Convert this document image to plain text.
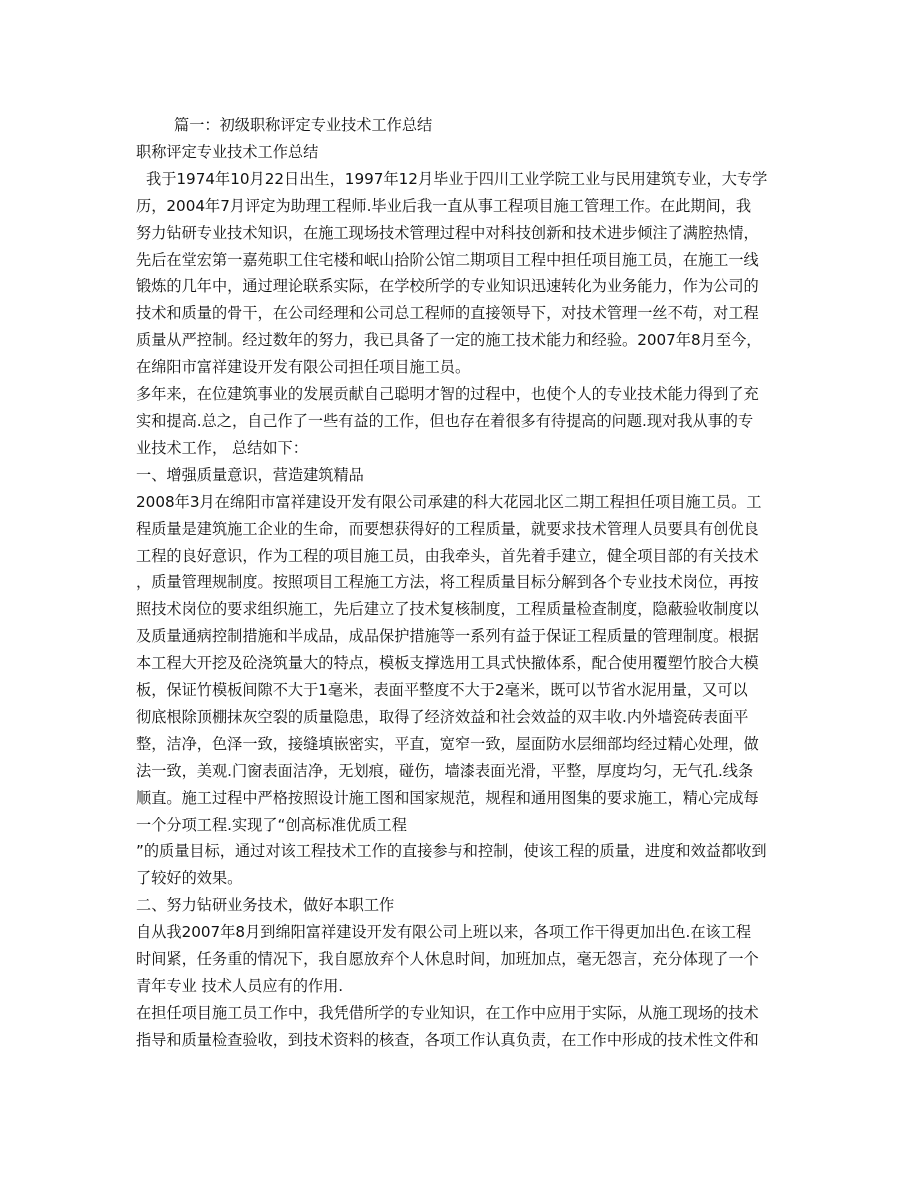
篇一：初级职称评定专业技术工作总结
职称评定专业技术工作总结
我于1974年10月22日出生，1997年12月毕业于四川工业学院工业与民用建筑专业，大专学
历，2004年7月评定为助理工程师.毕业后我一直从事工程项目施工管理工作。在此期间，我
努力钻研专业技术知识，在施工现场技术管理过程中对科技创新和技术进步倾注了满腔热情，
先后在堂宏第一嘉苑职工住宅楼和岷山拾阶公馆二期项目工程中担任项目施工员，在施工一线
锻炼的几年中，通过理论联系实际，在学校所学的专业知识迅速转化为业务能力，作为公司的
技术和质量的骨干，在公司经理和公司总工程师的直接领导下，对技术管理一丝不苟，对工程
质量从严控制。经过数年的努力，我已具备了一定的施工技术能力和经验。2007年8月至今，
在绵阳市富祥建设开发有限公司担任项目施工员。
多年来，在位建筑事业的发展贡献自己聪明才智的过程中，也使个人的专业技术能力得到了充
实和提高.总之，自己作了一些有益的工作，但也存在着很多有待提高的问题.现对我从事的专
业技术工作， 总结如下：
一、增强质量意识，营造建筑精品
2008年3月在绵阳市富祥建设开发有限公司承建的科大花园北区二期工程担任项目施工员。工
程质量是建筑施工企业的生命，而要想获得好的工程质量，就要求技术管理人员要具有创优良
工程的良好意识，作为工程的项目施工员，由我牵头，首先着手建立，健全项目部的有关技术
，质量管理规制度。按照项目工程施工方法，将工程质量目标分解到各个专业技术岗位，再按
照技术岗位的要求组织施工，先后建立了技术复核制度，工程质量检查制度，隐蔽验收制度以
及质量通病控制措施和半成品，成品保护措施等一系列有益于保证工程质量的管理制度。根据
本工程大开挖及砼浇筑量大的特点，模板支撑选用工具式快撤体系，配合使用覆塑竹胶合大模
板，保证竹模板间隙不大于1毫米，表面平整度不大于2毫米，既可以节省水泥用量，又可以
彻底根除顶棚抹灰空裂的质量隐患，取得了经济效益和社会效益的双丰收.内外墙瓷砖表面平
整，洁净，色泽一致，接缝填嵌密实，平直，宽窄一致，屋面防水层细部均经过精心处理，做
法一致，美观.门窗表面洁净，无划痕，碰伤，墙漆表面光滑，平整，厚度均匀，无气孔.线条
顺直。施工过程中严格按照设计施工图和国家规范，规程和通用图集的要求施工，精心完成每
一个分项工程.实现了“创高标准优质工程
”的质量目标，通过对该工程技术工作的直接参与和控制，使该工程的质量，进度和效益都收到
了较好的效果。
二、努力钻研业务技术，做好本职工作
自从我2007年8月到绵阳富祥建设开发有限公司上班以来，各项工作干得更加出色.在该工程
时间紧，任务重的情况下，我自愿放弃个人休息时间，加班加点，毫无怨言，充分体现了一个
青年专业 技术人员应有的作用.
在担任项目施工员工作中，我凭借所学的专业知识，在工作中应用于实际，从施工现场的技术
指导和质量检查验收，到技术资料的核查，各项工作认真负责，在工作中形成的技术性文件和
